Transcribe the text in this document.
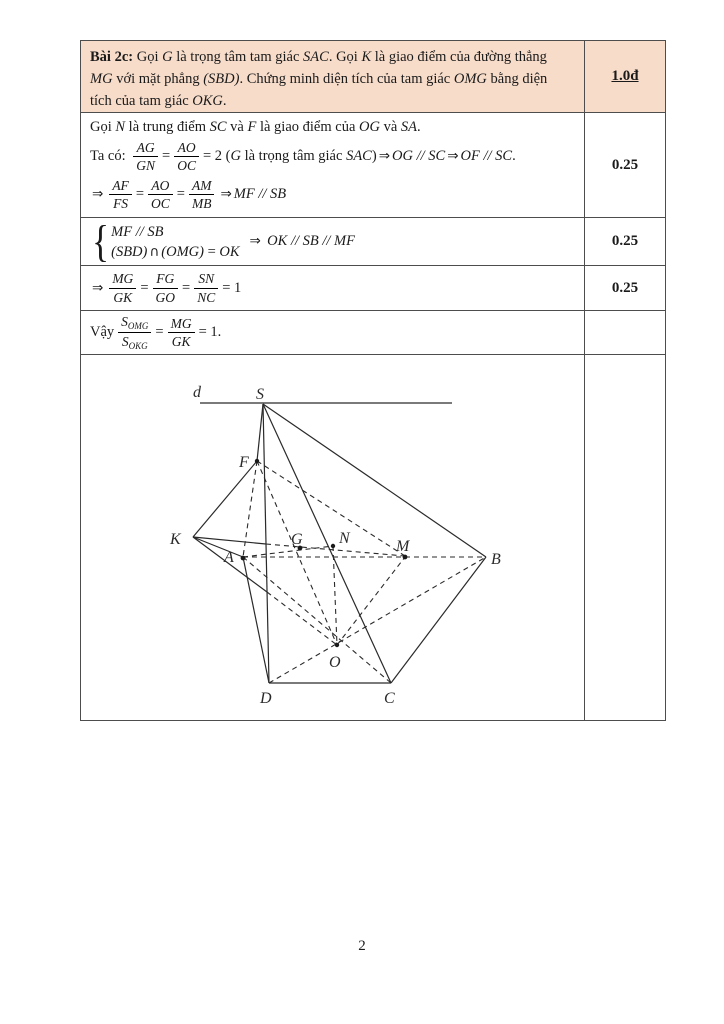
Bài 2c: Gọi G là trọng tâm tam giác SAC. Gọi K là giao điểm của đường thẳng
MG với mặt phẳng (SBD). Chứng minh diện tích của tam giác OMG bằng diện
tích của tam giác OKG.
1.0đ
Gọi N là trung điểm SC và F là giao điểm của OG và SA.
Ta có: $\frac{AG}{GN} = \frac{AO}{OC} = 2$ (G là trọng tâm giác SAC) ⇒ OG // SC ⇒ OF // SC.
⇒ $\frac{AF}{FS} = \frac{AO}{OC} = \frac{AM}{MB}$ ⇒ MF // SB
0.25
{ MF // SB
(SBD) ∩ (OMG) = OK
⇒ OK // SB // MF	0.25
⇒ $\frac{MG}{GK} = \frac{FG}{GO} = \frac{SN}{NC} = 1$	0.25
Vậy $\frac{S_{OMG}}{S_{OKG}} = \frac{MG}{GK} = 1$ .
d	S
F
K
A
G N	M
B
D	C
O
2
